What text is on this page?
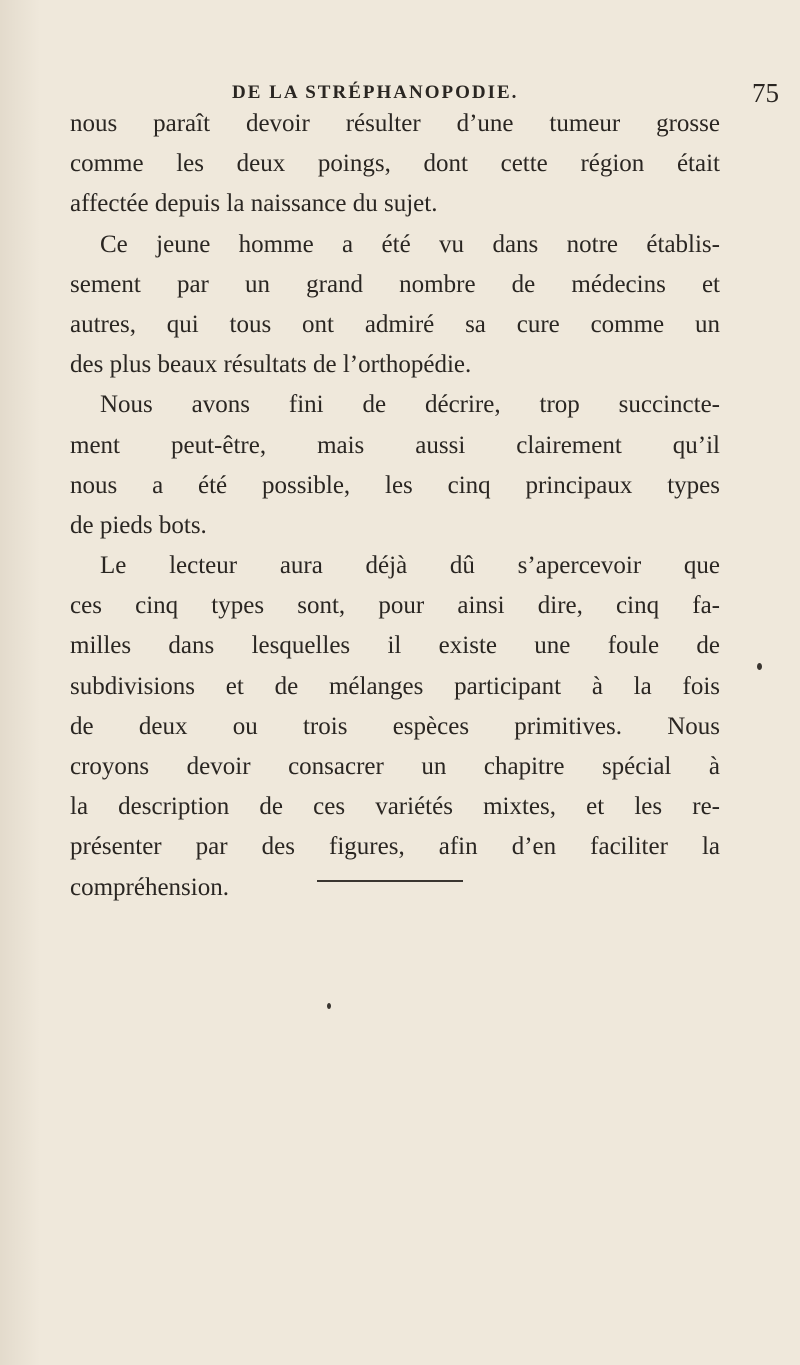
DE LA STRÉPHANOPODIE.	75
nous paraît devoir résulter d’une tumeur grosse
comme les deux poings, dont cette région était
affectée depuis la naissance du sujet.
Ce jeune homme a été vu dans notre établis-
sement par un grand nombre de médecins et
autres, qui tous ont admiré sa cure comme un
des plus beaux résultats de l’orthopédie.
Nous avons fini de décrire, trop succincte-
ment peut-être, mais aussi clairement qu’il
nous a été possible, les cinq principaux types
de pieds bots.
Le lecteur aura déjà dû s’apercevoir que
ces cinq types sont, pour ainsi dire, cinq fa-
milles dans lesquelles il existe une foule de
subdivisions et de mélanges participant à la fois
de deux ou trois espèces primitives. Nous
croyons devoir consacrer un chapitre spécial à
la description de ces variétés mixtes, et les re-
présenter par des figures, afin d’en faciliter la
compréhension.
